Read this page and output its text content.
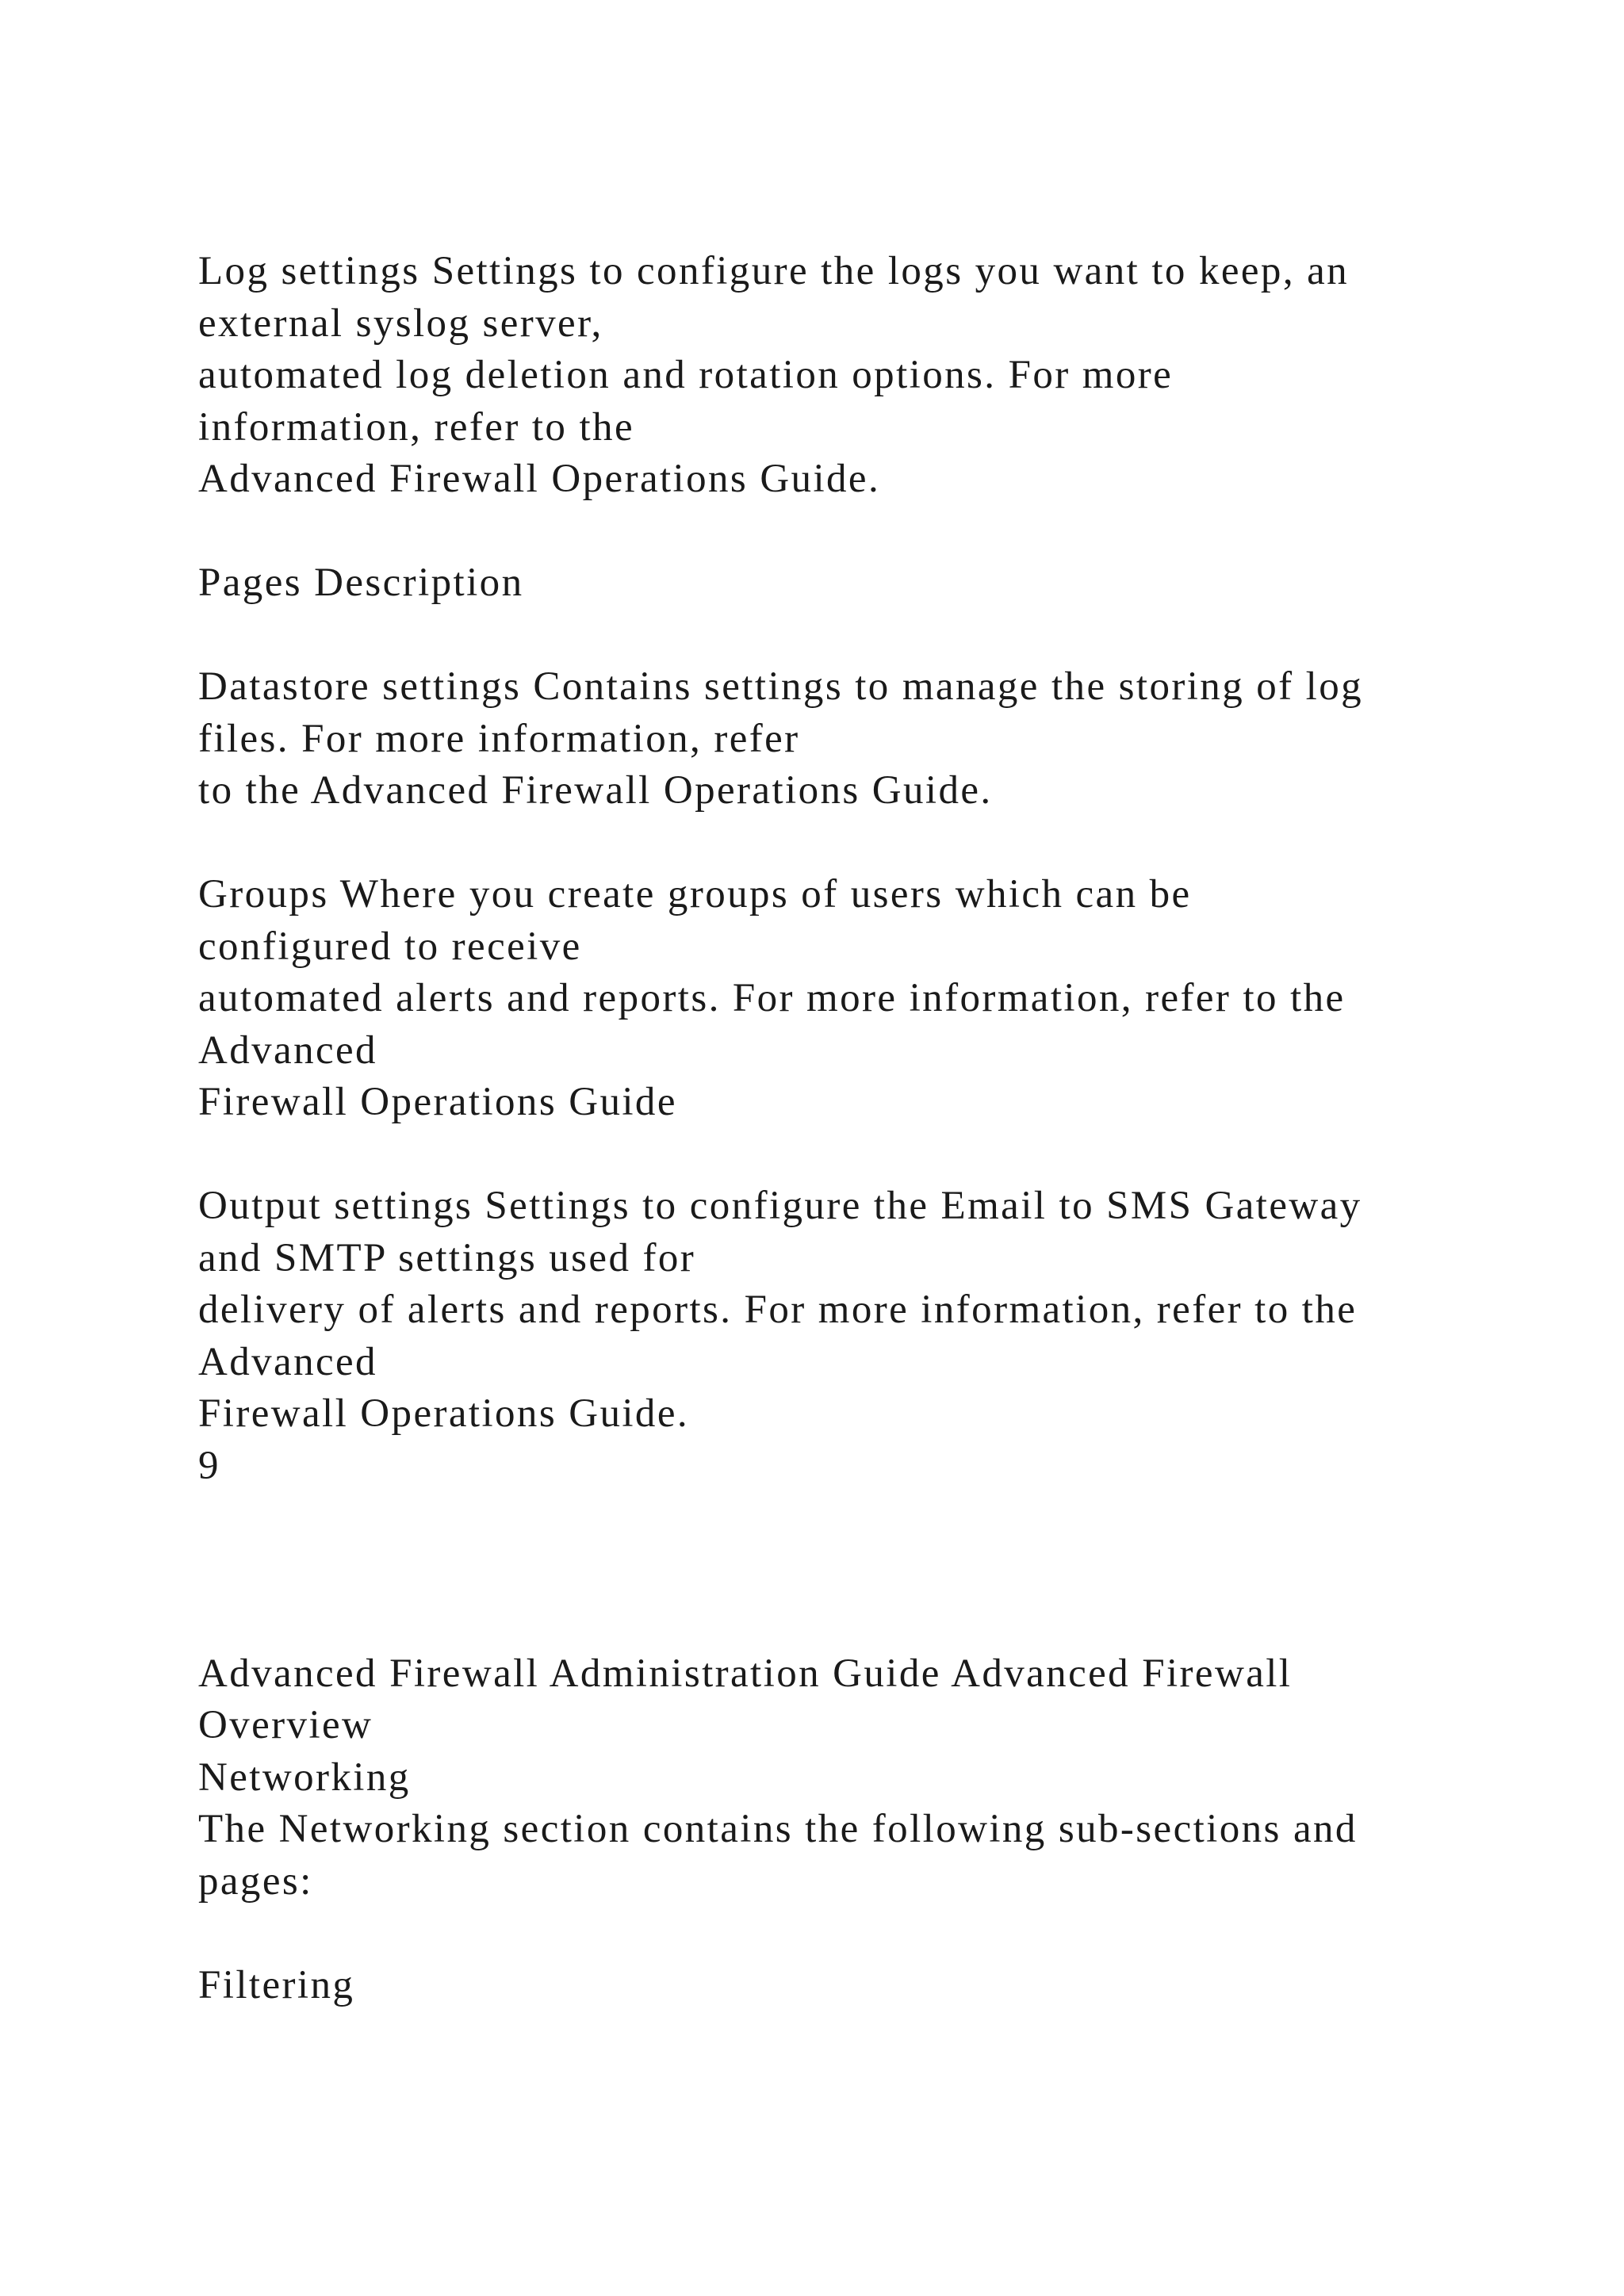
Log settings Settings to configure the logs you want to keep, an
external syslog server,
automated log deletion and rotation options. For more
information, refer to the
Advanced Firewall Operations Guide.
Pages Description
Datastore settings Contains settings to manage the storing of log
files. For more information, refer
to the Advanced Firewall Operations Guide.
Groups Where you create groups of users which can be
configured to receive
automated alerts and reports. For more information, refer to the
Advanced
Firewall Operations Guide
Output settings Settings to configure the Email to SMS Gateway
and SMTP settings used for
delivery of alerts and reports. For more information, refer to the
Advanced
Firewall Operations Guide.
9
Advanced Firewall Administration Guide Advanced Firewall
Overview
Networking
The Networking section contains the following sub-sections and
pages:
Filtering
